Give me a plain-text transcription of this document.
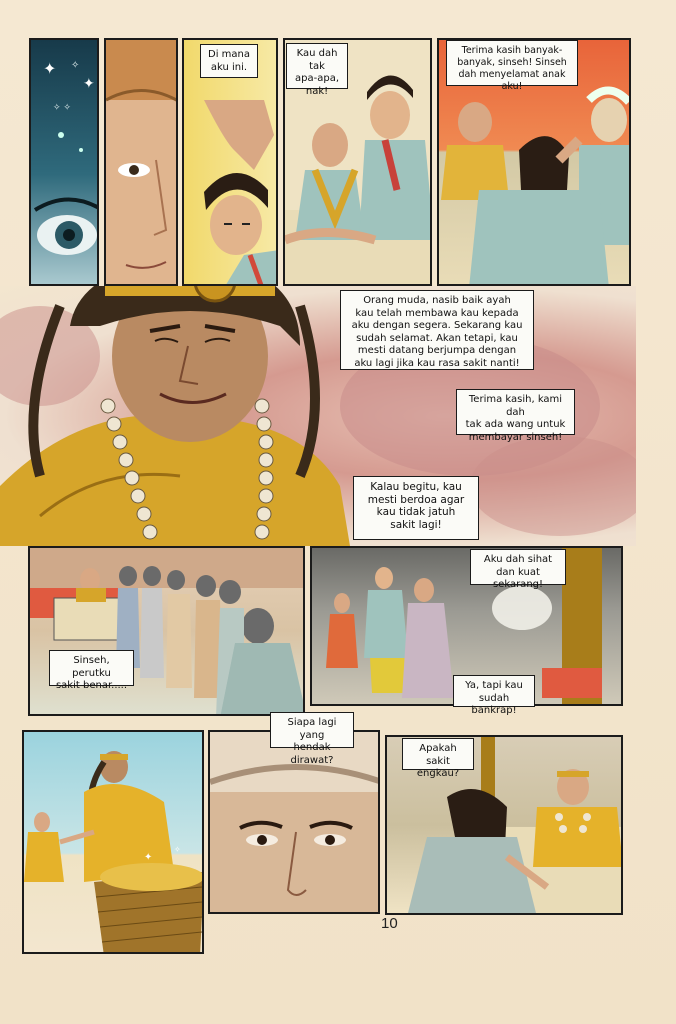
✦ ✧
✦
✧ ✧
Di mana
aku ini.
Kau dah tak
apa-apa,
nak!
Terima kasih banyak-
banyak, sinseh! Sinseh
dah menyelamat anak aku!
Orang muda, nasib baik ayah
kau telah membawa kau kepada
aku dengan segera. Sekarang kau
sudah selamat. Akan tetapi, kau
mesti datang berjumpa dengan
aku lagi jika kau rasa sakit nanti!
Terima kasih, kami dah
tak ada wang untuk
membayar sinseh!
Kalau begitu, kau
mesti berdoa agar
kau tidak jatuh
sakit lagi!
Sinseh, perutku
sakit benar.....
Aku dah sihat
dan kuat sekarang!
Ya, tapi kau
sudah bankrap!
✦
✧
Siapa lagi yang
hendak dirawat?
Apakah sakit
engkau?
10
